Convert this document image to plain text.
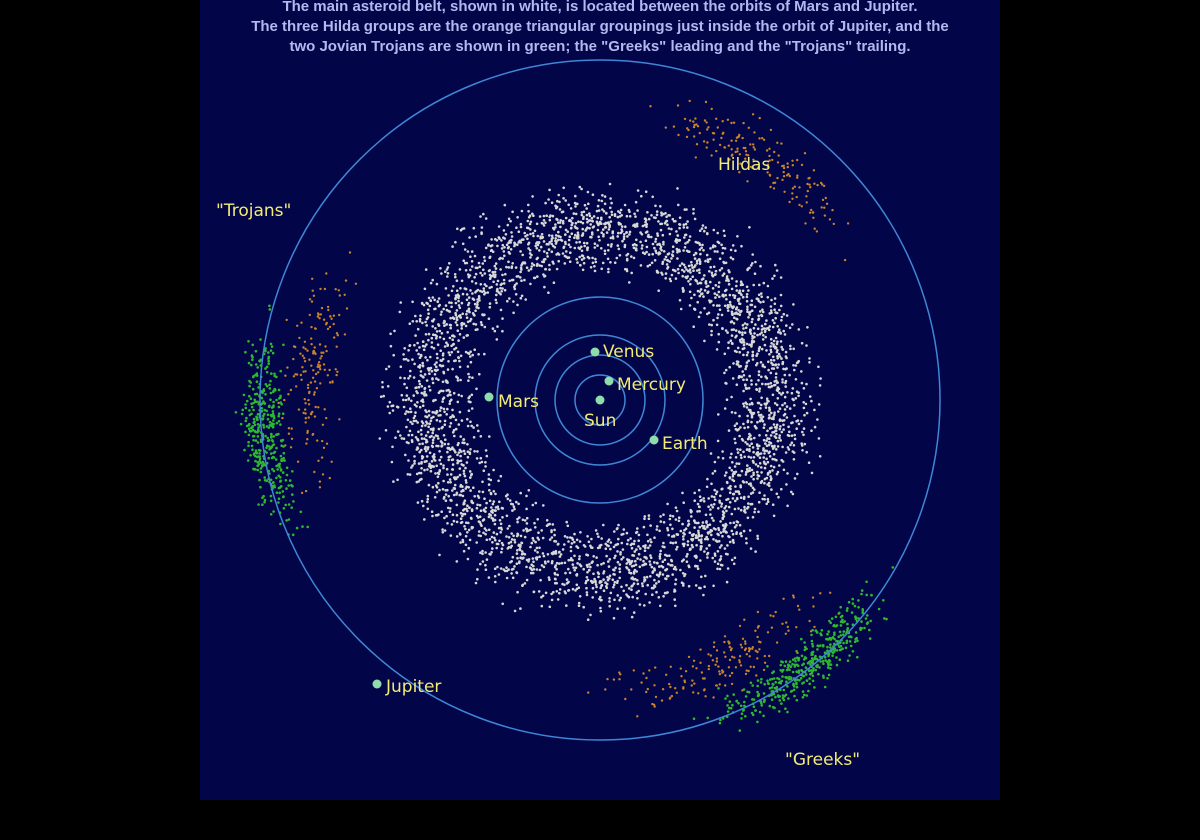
Sun
Mercury
Venus
Earth
Mars
Jupiter
Hildas
"Trojans"
"Greeks"
The main asteroid belt, shown in white, is located between the orbits of Mars and Jupiter.
The three Hilda groups are the orange triangular groupings just inside the orbit of Jupiter, and the
two Jovian Trojans are shown in green; the "Greeks" leading and the "Trojans" trailing.
